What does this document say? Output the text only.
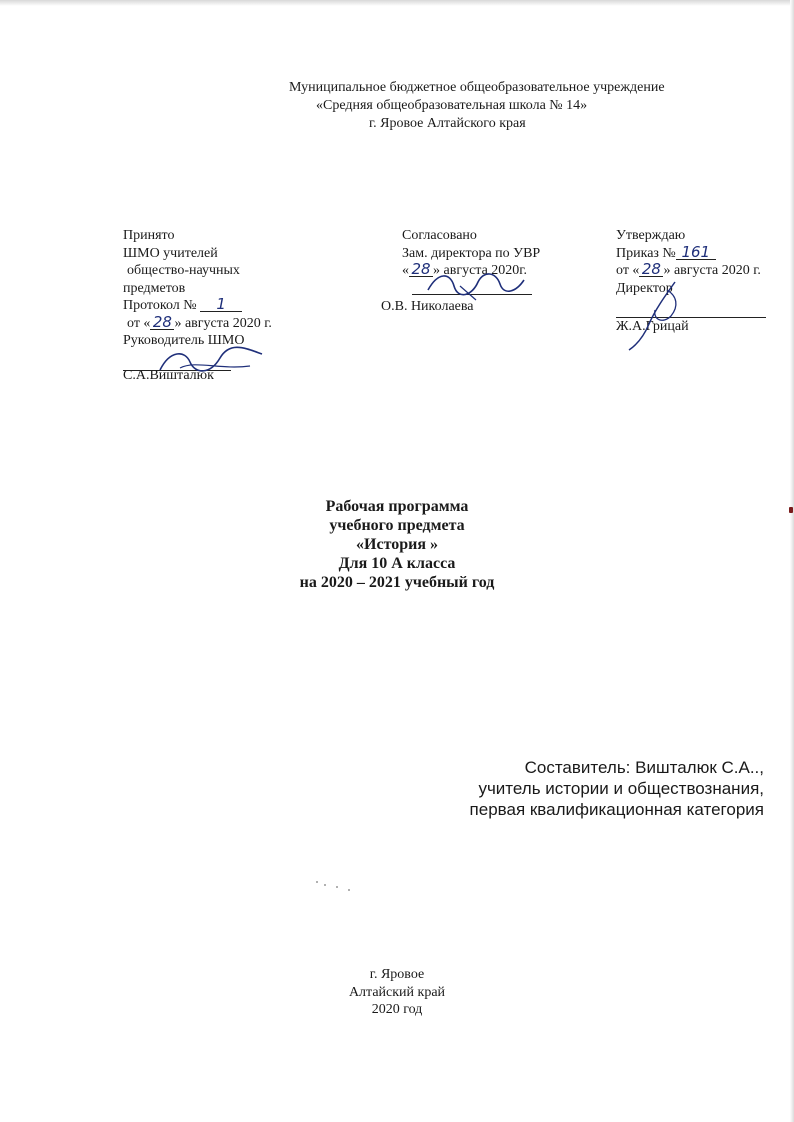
Муниципальное бюджетное общеобразовательное учреждение
«Средняя общеобразовательная школа № 14»
г. Яровое Алтайского края
Принято
ШМО учителей
общество-научных
предметов
Протокол № 1
от « 28 » августа 2020 г.
Руководитель ШМО
С.А.Вишталюк
Согласовано
Зам. директора по УВР
« 28 » августа 2020г.
О.В. Николаева
Утверждаю
Приказ № 161
от « 28 » августа 2020 г.
Директор
Ж.А.Грицай
Рабочая программа
учебного предмета
«История »
Для 10 А класса
на 2020 – 2021 учебный год
Составитель: Вишталюк С.А..,
учитель истории и обществознания,
первая квалификационная категория
г. Яровое
Алтайский край
2020 год
